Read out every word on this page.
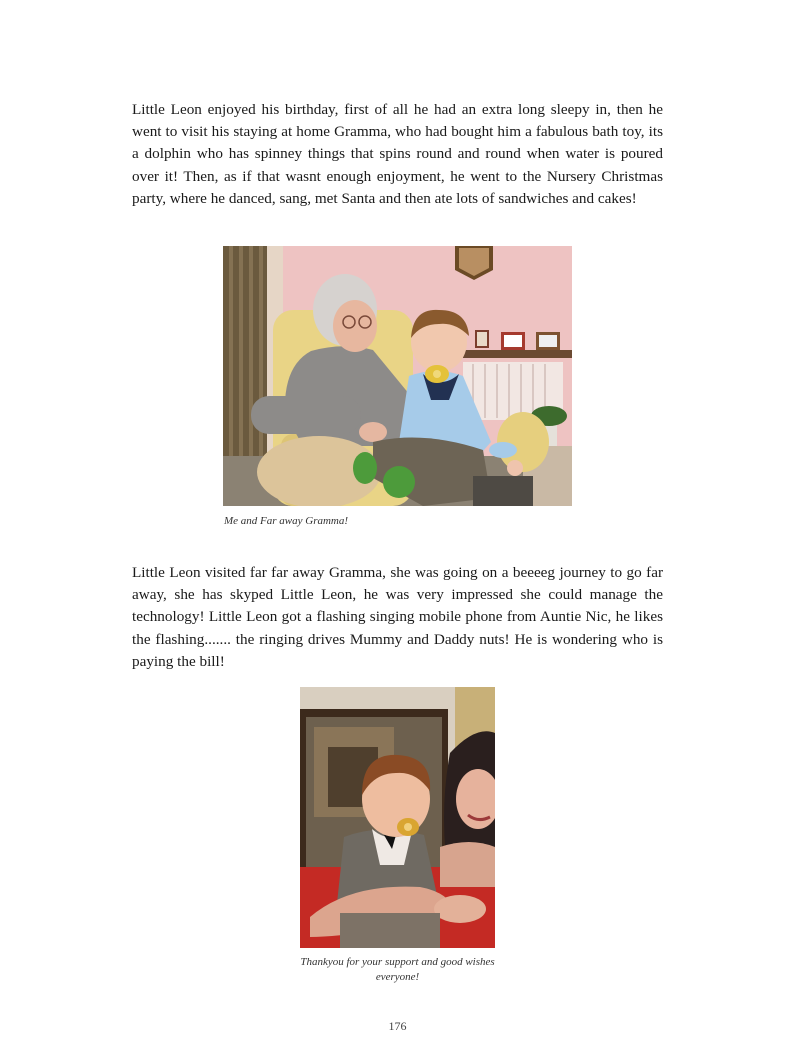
Little Leon enjoyed his birthday, first of all he had an extra long sleepy in, then he went to visit his staying at home Gramma, who had bought him a fabulous bath toy, its a dolphin who has spinney things that spins round and round when water is poured over it! Then, as if that wasnt enough enjoyment, he went to the Nursery Christmas party, where he danced, sang, met Santa and then ate lots of sandwiches and cakes!

Me and Far away Gramma!

Little Leon visited far far away Gramma, she was going on a beeeeg journey to go far away, she has skyped Little Leon, he was very impressed she could manage the technology! Little Leon got a flashing singing mobile phone from Auntie Nic, he likes the flashing....... the ringing drives Mummy and Daddy nuts! He is wondering who is paying the bill!

Thankyou for your support and good wishes everyone!

176
